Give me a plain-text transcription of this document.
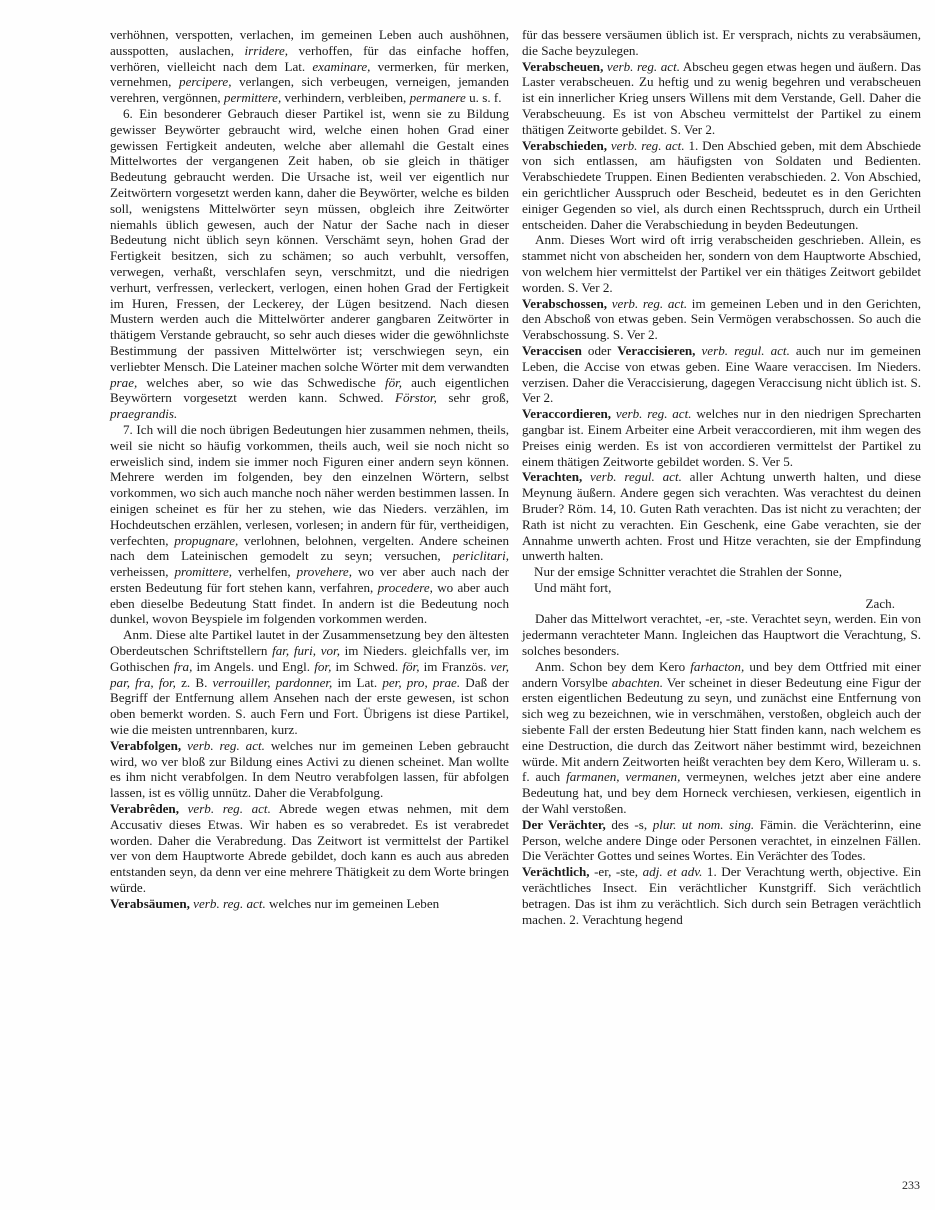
verhöhnen, verspotten, verlachen, im gemeinen Leben auch aushöhnen, ausspotten, auslachen, irridere, verhoffen, für das einfache hoffen, verhören, vielleicht nach dem Lat. examinare, vermerken, für merken, vernehmen, percipere, verlangen, sich verbeugen, verneigen, jemanden verehren, vergönnen, permittere, verhindern, verbleiben, permanere u. s. f.
6. Ein besonderer Gebrauch dieser Partikel ist, wenn sie zu Bildung gewisser Beywörter gebraucht wird, welche einen hohen Grad einer gewissen Fertigkeit andeuten, welche aber allemahl die Gestalt eines Mittelwortes der vergangenen Zeit haben, ob sie gleich in thätiger Bedeutung gebraucht werden. Die Ursache ist, weil ver eigentlich nur Zeitwörtern vorgesetzt werden kann, daher die Beywörter, welche es bilden soll, wenigstens Mittelwörter seyn müssen, obgleich ihre Zeitwörter niemahls üblich gewesen, auch der Natur der Sache nach in dieser Bedeutung nicht üblich seyn können. Verschämt seyn, hohen Grad der Fertigkeit besitzen, sich zu schämen; so auch verbuhlt, versoffen, verwegen, verhaßt, verschlafen seyn, verschmitzt, und die niedrigen verhurt, verfressen, verleckert, verlogen, einen hohen Grad der Fertigkeit im Huren, Fressen, der Leckerey, der Lügen besitzend. Nach diesen Mustern werden auch die Mittelwörter anderer gangbaren Zeitwörter in thätigem Verstande gebraucht, so sehr auch dieses wider die gewöhnlichste Bestimmung der passiven Mittelwörter ist; verschwiegen seyn, ein verliebter Mensch. Die Lateiner machen solche Wörter mit dem verwandten prae, welches aber, so wie das Schwedische för, auch eigentlichen Beywörtern vorgesetzt werden kann. Schwed. Förstor, sehr groß, praegrandis.
7. Ich will die noch übrigen Bedeutungen hier zusammen nehmen, theils, weil sie nicht so häufig vorkommen, theils auch, weil sie noch nicht so erweislich sind, indem sie immer noch Figuren einer andern seyn können. Mehrere werden im folgenden, bey den einzelnen Wörtern, selbst vorkommen, wo sich auch manche noch näher werden bestimmen lassen. In einigen scheinet es für her zu stehen, wie das Nieders. verzählen, im Hochdeutschen erzählen, verlesen, vorlesen; in andern für für, vertheidigen, verfechten, propugnare, verlohnen, belohnen, vergelten. Andere scheinen nach dem Lateinischen gemodelt zu seyn; versuchen, periclitari, verheissen, promittere, verhelfen, provehere, wo ver aber auch nach der ersten Bedeutung für fort stehen kann, verfahren, procedere, wo aber auch eben dieselbe Bedeutung Statt findet. In andern ist die Bedeutung noch dunkel, wovon Beyspiele im folgenden vorkommen werden.
Anm. Diese alte Partikel lautet in der Zusammensetzung bey den ältesten Oberdeutschen Schriftstellern far, furi, vor, im Nieders. gleichfalls ver, im Gothischen fra, im Angels. und Engl. for, im Schwed. för, im Französ. ver, par, fra, for, z. B. verrouiller, pardonner, im Lat. per, pro, prae. Daß der Begriff der Entfernung allem Ansehen nach der erste gewesen, ist schon oben bemerkt worden. S. auch Fern und Fort. Übrigens ist diese Partikel, wie die meisten untrennbaren, kurz.
Verabfolgen, verb. reg. act. welches nur im gemeinen Leben gebraucht wird, wo ver bloß zur Bildung eines Activi zu dienen scheinet. Man wollte es ihm nicht verabfolgen. In dem Neutro verabfolgen lassen, für abfolgen lassen, ist es völlig unnütz. Daher die Verabfolgung.
Verabrêden, verb. reg. act. Abrede wegen etwas nehmen, mit dem Accusativ dieses Etwas. Wir haben es so verabredet. Es ist verabredet worden. Daher die Verabredung. Das Zeitwort ist vermittelst der Partikel ver von dem Hauptworte Abrede gebildet, doch kann es auch aus abreden entstanden seyn, da denn ver eine mehrere Thätigkeit zu dem Worte bringen würde.
Verabsäumen, verb. reg. act. welches nur im gemeinen Leben
für das bessere versäumen üblich ist. Er versprach, nichts zu verabsäumen, die Sache beyzulegen.
Verabscheuen, verb. reg. act. Abscheu gegen etwas hegen und äußern. Das Laster verabscheuen. Zu heftig und zu wenig begehren und verabscheuen ist ein innerlicher Krieg unsers Willens mit dem Verstande, Gell. Daher die Verabscheuung. Es ist von Abscheu vermittelst der Partikel zu einem thätigen Zeitworte gebildet. S. Ver 2.
Verabschieden, verb. reg. act. 1. Den Abschied geben, mit dem Abschiede von sich entlassen, am häufigsten von Soldaten und Bedienten. Verabschiedete Truppen. Einen Bedienten verabschieden. 2. Von Abschied, ein gerichtlicher Ausspruch oder Bescheid, bedeutet es in den Gerichten einiger Gegenden so viel, als durch einen Rechtsspruch, durch ein Urtheil entscheiden. Daher die Verabschiedung in beyden Bedeutungen.
Anm. Dieses Wort wird oft irrig verabscheiden geschrieben. Allein, es stammet nicht von abscheiden her, sondern von dem Hauptworte Abschied, von welchem hier vermittelst der Partikel ver ein thätiges Zeitwort gebildet worden. S. Ver 2.
Verabschossen, verb. reg. act. im gemeinen Leben und in den Gerichten, den Abschoß von etwas geben. Sein Vermögen verabschossen. So auch die Verabschossung. S. Ver 2.
Veraccisen oder Veraccisieren, verb. regul. act. auch nur im gemeinen Leben, die Accise von etwas geben. Eine Waare veraccisen. Im Nieders. verzisen. Daher die Veraccisierung, dagegen Veraccisung nicht üblich ist. S. Ver 2.
Veraccordieren, verb. reg. act. welches nur in den niedrigen Sprecharten gangbar ist. Einem Arbeiter eine Arbeit veraccordieren, mit ihm wegen des Preises einig werden. Es ist von accordieren vermittelst der Partikel zu einem thätigen Zeitworte gebildet worden. S. Ver 5.
Verachten, verb. regul. act. aller Achtung unwerth halten, und diese Meynung äußern. Andere gegen sich verachten. Was verachtest du deinen Bruder? Röm. 14, 10. Guten Rath verachten. Das ist nicht zu verachten; der Rath ist nicht zu verachten. Ein Geschenk, eine Gabe verachten, sie der Annahme unwerth achten. Frost und Hitze verachten, sie der Empfindung unwerth halten.
Nur der emsige Schnitter verachtet die Strahlen der Sonne,
Und mäht fort,
Zach.
Daher das Mittelwort verachtet, -er, -ste. Verachtet seyn, werden. Ein von jedermann verachteter Mann. Ingleichen das Hauptwort die Verachtung, S. solches besonders.
Anm. Schon bey dem Kero farhacton, und bey dem Ottfried mit einer andern Vorsylbe abachten. Ver scheinet in dieser Bedeutung eine Figur der ersten eigentlichen Bedeutung zu seyn, und zunächst eine Entfernung von sich weg zu bezeichnen, wie in verschmähen, verstoßen, obgleich auch der siebente Fall der ersten Bedeutung hier Statt finden kann, nach welchem es eine Destruction, die durch das Zeitwort näher bestimmt wird, bezeichnen würde. Mit andern Zeitworten heißt verachten bey dem Kero, Willeram u. s. f. auch farmanen, vermanen, vermeynen, welches jetzt aber eine andere Bedeutung hat, und bey dem Horneck verchiesen, verkiesen, eigentlich in der Wahl verstoßen.
Der Verächter, des -s, plur. ut nom. sing. Fämin. die Verächterinn, eine Person, welche andere Dinge oder Personen verachtet, in einzelnen Fällen. Die Verächter Gottes und seines Wortes. Ein Verächter des Todes.
Verächtlich, -er, -ste, adj. et adv. 1. Der Verachtung werth, objective. Ein verächtliches Insect. Ein verächtlicher Kunstgriff. Sich verächtlich betragen. Das ist ihm zu verächtlich. Sich durch sein Betragen verächtlich machen. 2. Verachtung hegend
233
